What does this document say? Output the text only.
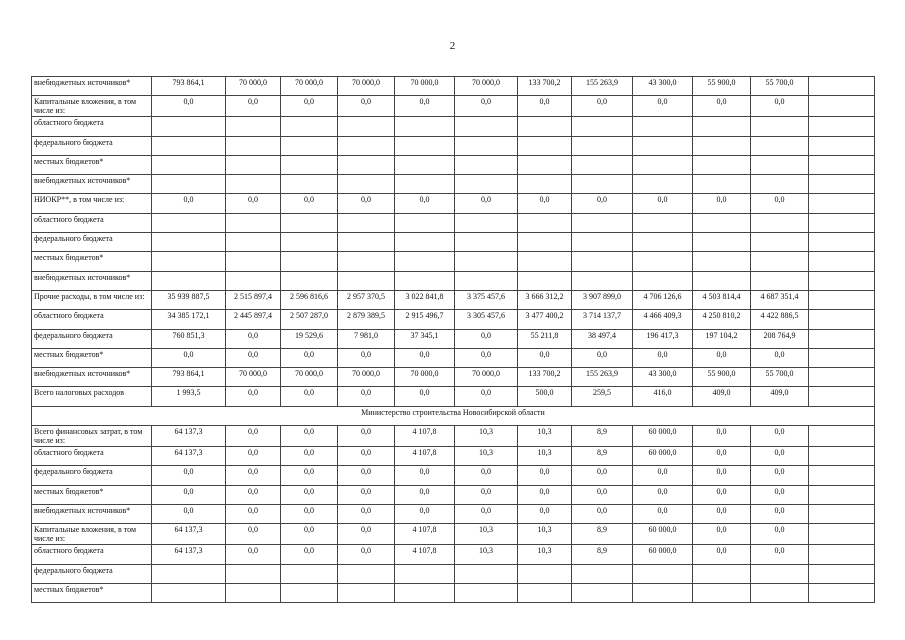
2
внебюджетных источников*	793 864,1	70 000,0	70 000,0	70 000,0	70 000,0	70 000,0	133 700,2	155 263,9	43 300,0	55 900,0	55 700,0	
Капитальные вложения, в том числе из:	0,0	0,0	0,0	0,0	0,0	0,0	0,0	0,0	0,0	0,0	0,0	
областного бюджета												
федерального бюджета												
местных бюджетов*												
внебюджетных источников*												
НИОКР**, в том числе из:	0,0	0,0	0,0	0,0	0,0	0,0	0,0	0,0	0,0	0,0	0,0	
областного бюджета												
федерального бюджета												
местных бюджетов*												
внебюджетных источников*												
Прочие расходы, в том числе из:	35 939 887,5	2 515 897,4	2 596 816,6	2 957 370,5	3 022 841,8	3 375 457,6	3 666 312,2	3 907 899,0	4 706 126,6	4 503 814,4	4 687 351,4	
областного бюджета	34 385 172,1	2 445 897,4	2 507 287,0	2 879 389,5	2 915 496,7	3 305 457,6	3 477 400,2	3 714 137,7	4 466 409,3	4 250 810,2	4 422 886,5	
федерального бюджета	760 851,3	0,0	19 529,6	7 981,0	37 345,1	0,0	55 211,8	38 497,4	196 417,3	197 104,2	208 764,9	
местных бюджетов*	0,0	0,0	0,0	0,0	0,0	0,0	0,0	0,0	0,0	0,0	0,0	
внебюджетных источников*	793 864,1	70 000,0	70 000,0	70 000,0	70 000,0	70 000,0	133 700,2	155 263,9	43 300,0	55 900,0	55 700,0	
Всего налоговых расходов	1 993,5	0,0	0,0	0,0	0,0	0,0	500,0	259,5	416,0	409,0	409,0	
Министерство строительства Новосибирской области												
Всего финансовых затрат, в том числе из:	64 137,3	0,0	0,0	0,0	4 107,8	10,3	10,3	8,9	60 000,0	0,0	0,0	
областного бюджета	64 137,3	0,0	0,0	0,0	4 107,8	10,3	10,3	8,9	60 000,0	0,0	0,0	
федерального бюджета	0,0	0,0	0,0	0,0	0,0	0,0	0,0	0,0	0,0	0,0	0,0	
местных бюджетов*	0,0	0,0	0,0	0,0	0,0	0,0	0,0	0,0	0,0	0,0	0,0	
внебюджетных источников*	0,0	0,0	0,0	0,0	0,0	0,0	0,0	0,0	0,0	0,0	0,0	
Капитальные вложения, в том числе из:	64 137,3	0,0	0,0	0,0	4 107,8	10,3	10,3	8,9	60 000,0	0,0	0,0	
областного бюджета	64 137,3	0,0	0,0	0,0	4 107,8	10,3	10,3	8,9	60 000,0	0,0	0,0	
федерального бюджета												
местных бюджетов*												
